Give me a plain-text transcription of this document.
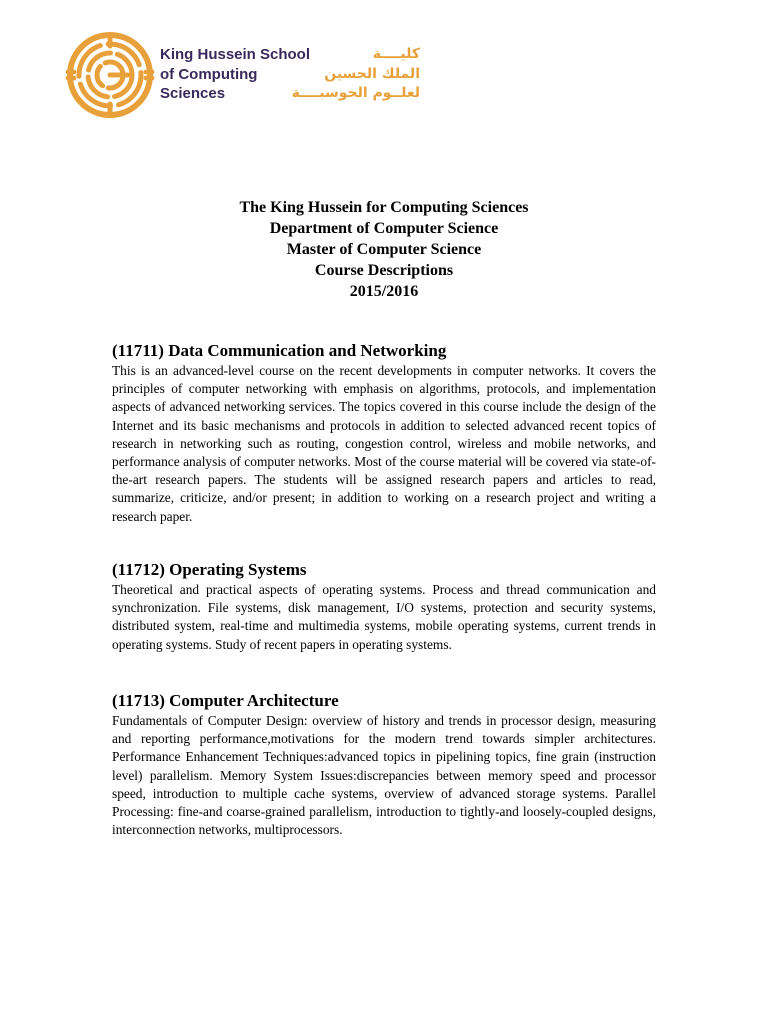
King Hussein School
of Computing
Sciences
كليــــة
الملك الحسين
لعلــوم الحوسبــــة
The King Hussein for Computing Sciences
Department of Computer Science
Master of Computer Science
Course Descriptions
2015/2016
(11711) Data Communication and Networking

This is an advanced-level course on the recent developments in computer networks. It covers the principles of computer networking with emphasis on algorithms, protocols, and implementation aspects of advanced networking services. The topics covered in this course include the design of the Internet and its basic mechanisms and protocols in addition to selected advanced recent topics of research in networking such as routing, congestion control, wireless and mobile networks, and performance analysis of computer networks. Most of the course material will be covered via state-of-the-art research papers. The students will be assigned research papers and articles to read, summarize, criticize, and/or present; in addition to working on a research project and writing a research paper.

(11712) Operating Systems

Theoretical and practical aspects of operating systems. Process and thread communication and synchronization. File systems, disk management, I/O systems, protection and security systems, distributed system, real-time and multimedia systems, mobile operating systems, current trends in operating systems. Study of recent papers in operating systems.

(11713) Computer Architecture

Fundamentals of Computer Design: overview of history and trends in processor design, measuring and reporting performance,motivations for the modern trend towards simpler architectures. Performance Enhancement Techniques:advanced topics in pipelining topics, fine grain (instruction level) parallelism. Memory System Issues:discrepancies between memory speed and processor speed, introduction to multiple cache systems, overview of advanced storage systems. Parallel Processing: fine-and coarse-grained parallelism, introduction to tightly-and loosely-coupled designs, interconnection networks, multiprocessors.
